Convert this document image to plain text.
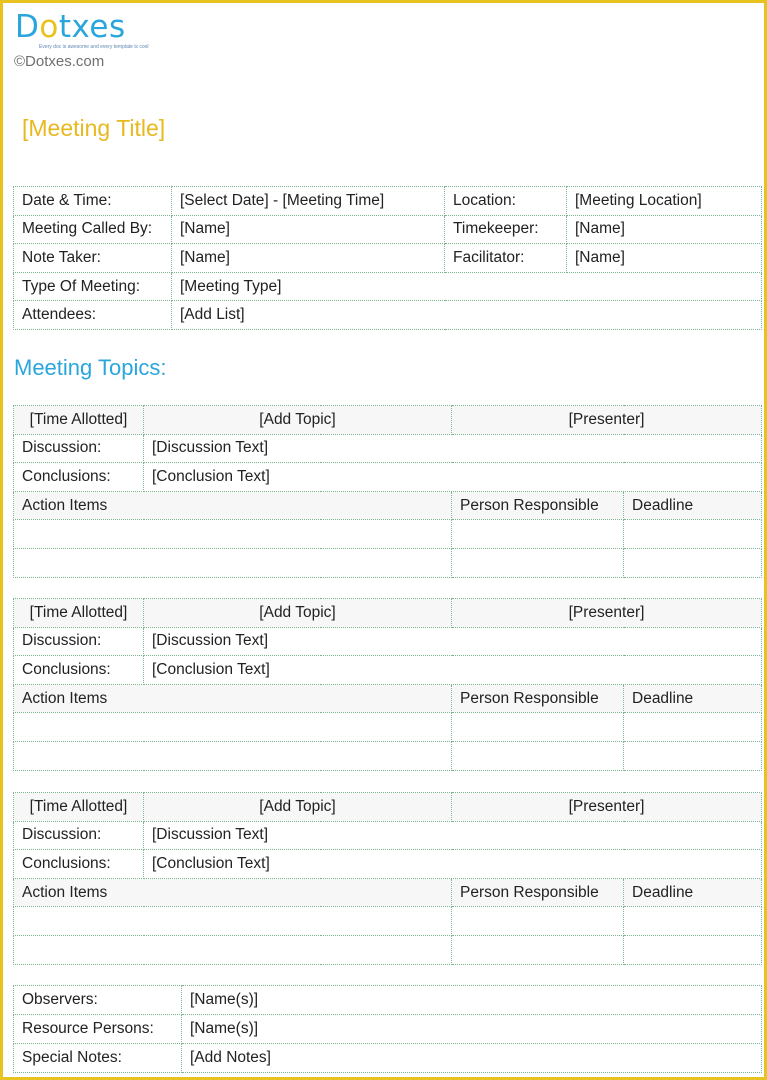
Dotxes
Every doc is awesome and every template is cool
©Dotxes.com
[Meeting Title]
Date & Time:	[Select Date] - [Meeting Time]	Location:	[Meeting Location]
Meeting Called By:	[Name]	Timekeeper:	[Name]
Note Taker:	[Name]	Facilitator:	[Name]
Type Of Meeting:	[Meeting Type]		
Attendees:	[Add List]		
Meeting Topics:
[Time Allotted]	[Add Topic]	[Presenter]	
Discussion:	[Discussion Text]		
Conclusions:	[Conclusion Text]		
Action Items		Person Responsible	Deadline

[Time Allotted]	[Add Topic]	[Presenter]	
Discussion:	[Discussion Text]		
Conclusions:	[Conclusion Text]		
Action Items		Person Responsible	Deadline

[Time Allotted]	[Add Topic]	[Presenter]	
Discussion:	[Discussion Text]		
Conclusions:	[Conclusion Text]		
Action Items		Person Responsible	Deadline

Observers:	[Name(s)]
Resource Persons:	[Name(s)]
Special Notes:	[Add Notes]
